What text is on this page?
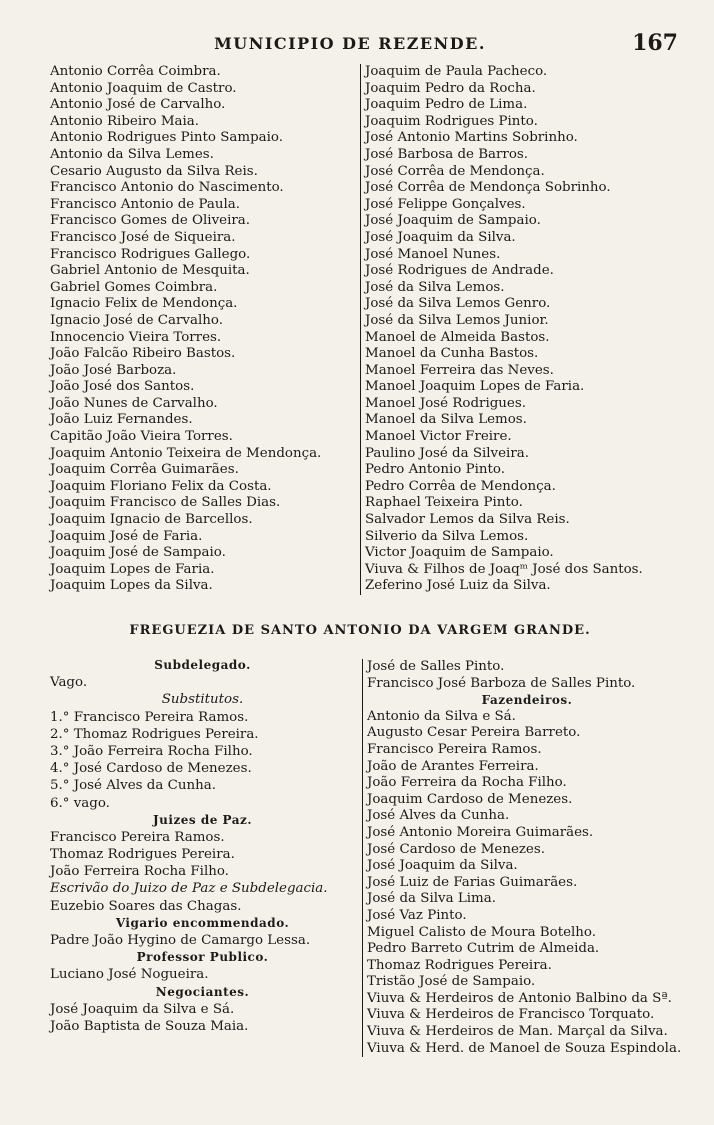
MUNICIPIO DE REZENDE.	167
Antonio Corrêa Coimbra.
Antonio Joaquim de Castro.
Antonio José de Carvalho.
Antonio Ribeiro Maia.
Antonio Rodrigues Pinto Sampaio.
Antonio da Silva Lemes.
Cesario Augusto da Silva Reis.
Francisco Antonio do Nascimento.
Francisco Antonio de Paula.
Francisco Gomes de Oliveira.
Francisco José de Siqueira.
Francisco Rodrigues Gallego.
Gabriel Antonio de Mesquita.
Gabriel Gomes Coimbra.
Ignacio Felix de Mendonça.
Ignacio José de Carvalho.
Innocencio Vieira Torres.
João Falcão Ribeiro Bastos.
João José Barboza.
João José dos Santos.
João Nunes de Carvalho.
João Luiz Fernandes.
Capitão João Vieira Torres.
Joaquim Antonio Teixeira de Mendonça.
Joaquim Corrêa Guimarães.
Joaquim Floriano Felix da Costa.
Joaquim Francisco de Salles Dias.
Joaquim Ignacio de Barcellos.
Joaquim José de Faria.
Joaquim José de Sampaio.
Joaquim Lopes de Faria.
Joaquim Lopes da Silva.
Joaquim de Paula Pacheco.
Joaquim Pedro da Rocha.
Joaquim Pedro de Lima.
Joaquim Rodrigues Pinto.
José Antonio Martins Sobrinho.
José Barbosa de Barros.
José Corrêa de Mendonça.
José Corrêa de Mendonça Sobrinho.
José Felippe Gonçalves.
José Joaquim de Sampaio.
José Joaquim da Silva.
José Manoel Nunes.
José Rodrigues de Andrade.
José da Silva Lemos.
José da Silva Lemos Genro.
José da Silva Lemos Junior.
Manoel de Almeida Bastos.
Manoel da Cunha Bastos.
Manoel Ferreira das Neves.
Manoel Joaquim Lopes de Faria.
Manoel José Rodrigues.
Manoel da Silva Lemos.
Manoel Victor Freire.
Paulino José da Silveira.
Pedro Antonio Pinto.
Pedro Corrêa de Mendonça.
Raphael Teixeira Pinto.
Salvador Lemos da Silva Reis.
Silverio da Silva Lemos.
Victor Joaquim de Sampaio.
Viuva & Filhos de Joaqᵐ José dos Santos.
Zeferino José Luiz da Silva.
FREGUEZIA DE SANTO ANTONIO DA VARGEM GRANDE.
Subdelegado.
Vago.
Substitutos.
1.° Francisco Pereira Ramos.
2.° Thomaz Rodrigues Pereira.
3.° João Ferreira Rocha Filho.
4.° José Cardoso de Menezes.
5.° José Alves da Cunha.
6.° vago.
Juizes de Paz.
Francisco Pereira Ramos.
Thomaz Rodrigues Pereira.
João Ferreira Rocha Filho.
Escrivão do Juizo de Paz e Subdelegacia.
Euzebio Soares das Chagas.
Vigario encommendado.
Padre João Hygino de Camargo Lessa.
Professor Publico.
Luciano José Nogueira.
Negociantes.
José Joaquim da Silva e Sá.
João Baptista de Souza Maia.
José de Salles Pinto.
Francisco José Barboza de Salles Pinto.
Fazendeiros.
Antonio da Silva e Sá.
Augusto Cesar Pereira Barreto.
Francisco Pereira Ramos.
João de Arantes Ferreira.
João Ferreira da Rocha Filho.
Joaquim Cardoso de Menezes.
José Alves da Cunha.
José Antonio Moreira Guimarães.
José Cardoso de Menezes.
José Joaquim da Silva.
José Luiz de Farias Guimarães.
José da Silva Lima.
José Vaz Pinto.
Miguel Calisto de Moura Botelho.
Pedro Barreto Cutrim de Almeida.
Thomaz Rodrigues Pereira.
Tristão José de Sampaio.
Viuva & Herdeiros de Antonio Balbino da Sª.
Viuva & Herdeiros de Francisco Torquato.
Viuva & Herdeiros de Man. Marçal da Silva.
Viuva & Herd. de Manoel de Souza Espindola.
